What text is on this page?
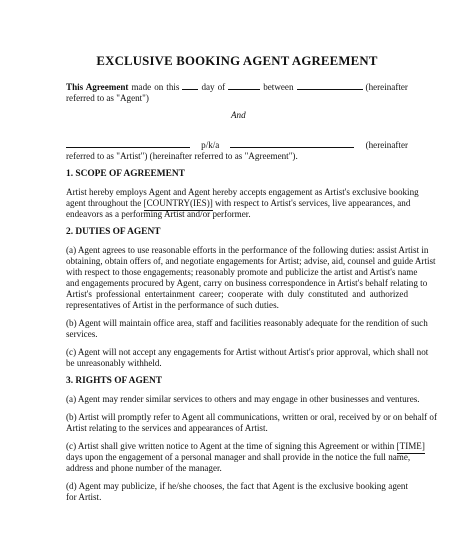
EXCLUSIVE BOOKING AGENT AGREEMENT
This Agreement made on this day of	between	(hereinafter
referred to as "Agent")
And
p/k/a	(hereinafter
referred to as "Artist") (hereinafter referred to as "Agreement").
1. SCOPE OF AGREEMENT
Artist hereby employs Agent and Agent hereby accepts engagement as Artist's exclusive booking
agent throughout the [COUNTRY(IES)] with respect to Artist's services, live appearances, and
endeavors as a performing Artist and/or performer.
2. DUTIES OF AGENT
(a) Agent agrees to use reasonable efforts in the performance of the following duties: assist Artist in
obtaining, obtain offers of, and negotiate engagements for Artist; advise, aid, counsel and guide Artist
with respect to those engagements; reasonably promote and publicize the artist and Artist's name
and engagements procured by Agent, carry on business correspondence in Artist's behalf relating to
Artist's professional entertainment career; cooperate with duly constituted and authorized
representatives of Artist in the performance of such duties.
(b) Agent will maintain office area, staff and facilities reasonably adequate for the rendition of such
services.
(c) Agent will not accept any engagements for Artist without Artist's prior approval, which shall not
be unreasonably withheld.
3. RIGHTS OF AGENT
(a) Agent may render similar services to others and may engage in other businesses and ventures.
(b) Artist will promptly refer to Agent all communications, written or oral, received by or on behalf of
Artist relating to the services and appearances of Artist.
(c) Artist shall give written notice to Agent at the time of signing this Agreement or within [TIME]
days upon the engagement of a personal manager and shall provide in the notice the full name,
address and phone number of the manager.
(d) Agent may publicize, if he/she chooses, the fact that Agent is the exclusive booking agent
for Artist.
